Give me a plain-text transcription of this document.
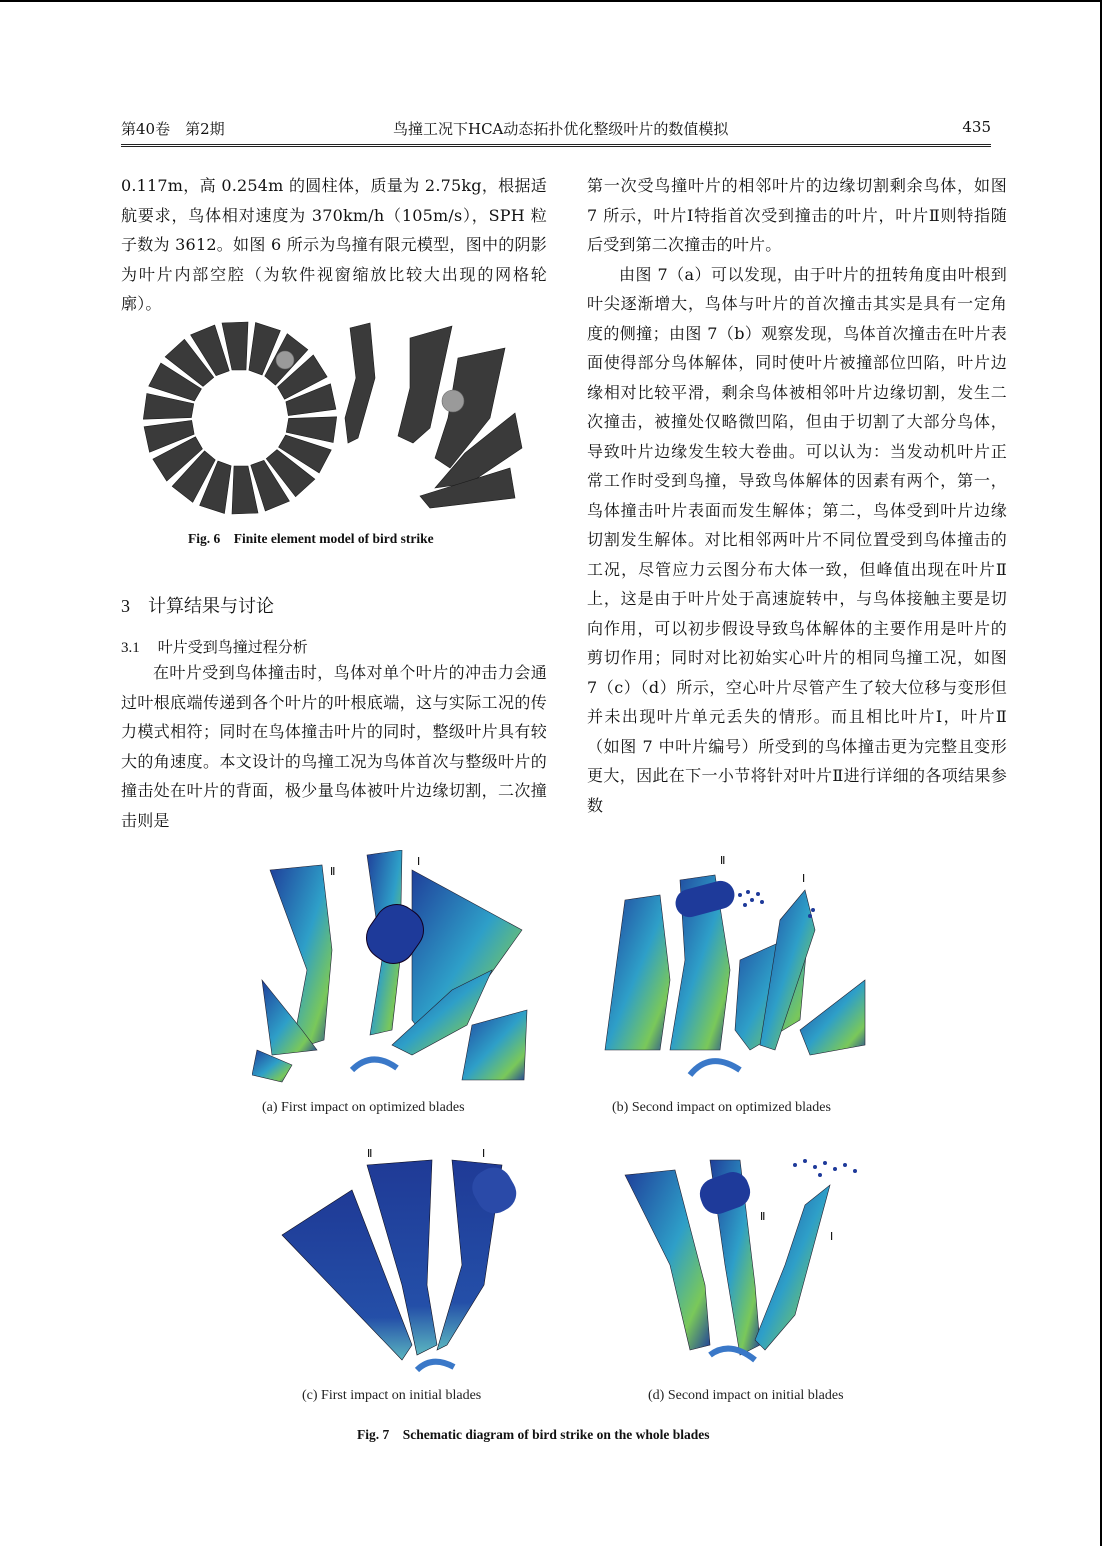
第40卷　第2期	鸟撞工况下HCA动态拓扑优化整级叶片的数值模拟	435

0.117m，高 0.254m 的圆柱体，质量为 2.75kg，根据适航要求，鸟体相对速度为 370km/h（105m/s），SPH 粒子数为 3612。如图 6 所示为鸟撞有限元模型，图中的阴影为叶片内部空腔（为软件视窗缩放比较大出现的网格轮廓）。

Fig. 6　Finite element model of bird strike
3 计算结果与讨论
3.1 叶片受到鸟撞过程分析

在叶片受到鸟体撞击时，鸟体对单个叶片的冲击力会通过叶根底端传递到各个叶片的叶根底端，这与实际工况的传力模式相符；同时在鸟体撞击叶片的同时，整级叶片具有较大的角速度。本文设计的鸟撞工况为鸟体首次与整级叶片的撞击处在叶片的背面，极少量鸟体被叶片边缘切割，二次撞击则是

第一次受鸟撞叶片的相邻叶片的边缘切割剩余鸟体，如图 7 所示，叶片Ⅰ特指首次受到撞击的叶片，叶片Ⅱ则特指随后受到第二次撞击的叶片。

由图 7（a）可以发现，由于叶片的扭转角度由叶根到叶尖逐渐增大，鸟体与叶片的首次撞击其实是具有一定角度的侧撞；由图 7（b）观察发现，鸟体首次撞击在叶片表面使得部分鸟体解体，同时使叶片被撞部位凹陷，叶片边缘相对比较平滑，剩余鸟体被相邻叶片边缘切割，发生二次撞击，被撞处仅略微凹陷，但由于切割了大部分鸟体，导致叶片边缘发生较大卷曲。可以认为：当发动机叶片正常工作时受到鸟撞，导致鸟体解体的因素有两个，第一，鸟体撞击叶片表面而发生解体；第二，鸟体受到叶片边缘切割发生解体。对比相邻两叶片不同位置受到鸟体撞击的工况，尽管应力云图分布大体一致，但峰值出现在叶片Ⅱ上，这是由于叶片处于高速旋转中，与鸟体接触主要是切向作用，可以初步假设导致鸟体解体的主要作用是叶片的剪切作用；同时对比初始实心叶片的相同鸟撞工况，如图 7（c）（d）所示，空心叶片尽管产生了较大位移与变形但并未出现叶片单元丢失的情形。而且相比叶片Ⅰ，叶片Ⅱ（如图 7 中叶片编号）所受到的鸟体撞击更为完整且变形更大，因此在下一小节将针对叶片Ⅱ进行详细的各项结果参数

Ⅱ
Ⅰ
(a) First impact on optimized blades
Ⅱ
Ⅰ
(b) Second impact on optimized blades
Ⅱ	Ⅰ
(c) First impact on initial blades
Ⅱ
Ⅰ
(d) Second impact on initial blades
Fig. 7　Schematic diagram of bird strike on the whole blades
